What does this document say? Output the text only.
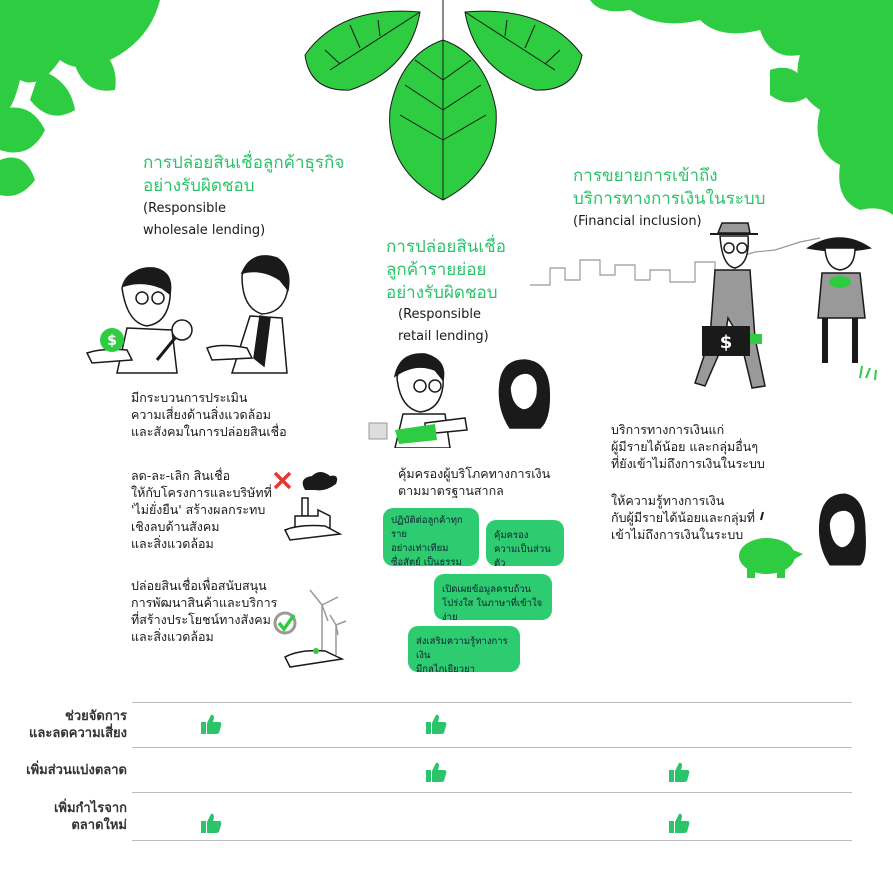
การปล่อยสินเชื่อลูกค้าธุรกิจ
อย่างรับผิดชอบ
(Responsible
wholesale lending)
$
มีกระบวนการประเมิน
ความเสี่ยงด้านสิ่งแวดล้อม
และสังคมในการปล่อยสินเชื่อ
ลด-ละ-เลิก สินเชื่อ
ให้กับโครงการและบริษัทที่
'ไม่ยั่งยืน' สร้างผลกระทบ
เชิงลบด้านสังคม
และสิ่งแวดล้อม
ปล่อยสินเชื่อเพื่อสนับสนุน
การพัฒนาสินค้าและบริการ
ที่สร้างประโยชน์ทางสังคม
และสิ่งแวดล้อม
การปล่อยสินเชื่อ
ลูกค้ารายย่อย
อย่างรับผิดชอบ
(Responsible
retail lending)
คุ้มครองผู้บริโภคทางการเงิน
ตามมาตรฐานสากล
ปฏิบัติต่อลูกค้าทุกราย
อย่างเท่าเทียม
ซื่อสัตย์ เป็นธรรม
คุ้มครอง
ความเป็นส่วนตัว
เปิดเผยข้อมูลครบถ้วน
โปร่งใส ในภาษาที่เข้าใจง่าย
ส่งเสริมความรู้ทางการเงิน
มีกลไกเยียวยา
การขยายการเข้าถึง
บริการทางการเงินในระบบ
(Financial inclusion)
$
บริการทางการเงินแก่
ผู้มีรายได้น้อย และกลุ่มอื่นๆ
ที่ยังเข้าไม่ถึงการเงินในระบบ
ให้ความรู้ทางการเงิน
กับผู้มีรายได้น้อยและกลุ่มที่
เข้าไม่ถึงการเงินในระบบ
ช่วยจัดการ
และลดความเสี่ยง
เพิ่มส่วนแบ่งตลาด
เพิ่มกำไรจาก
ตลาดใหม่
